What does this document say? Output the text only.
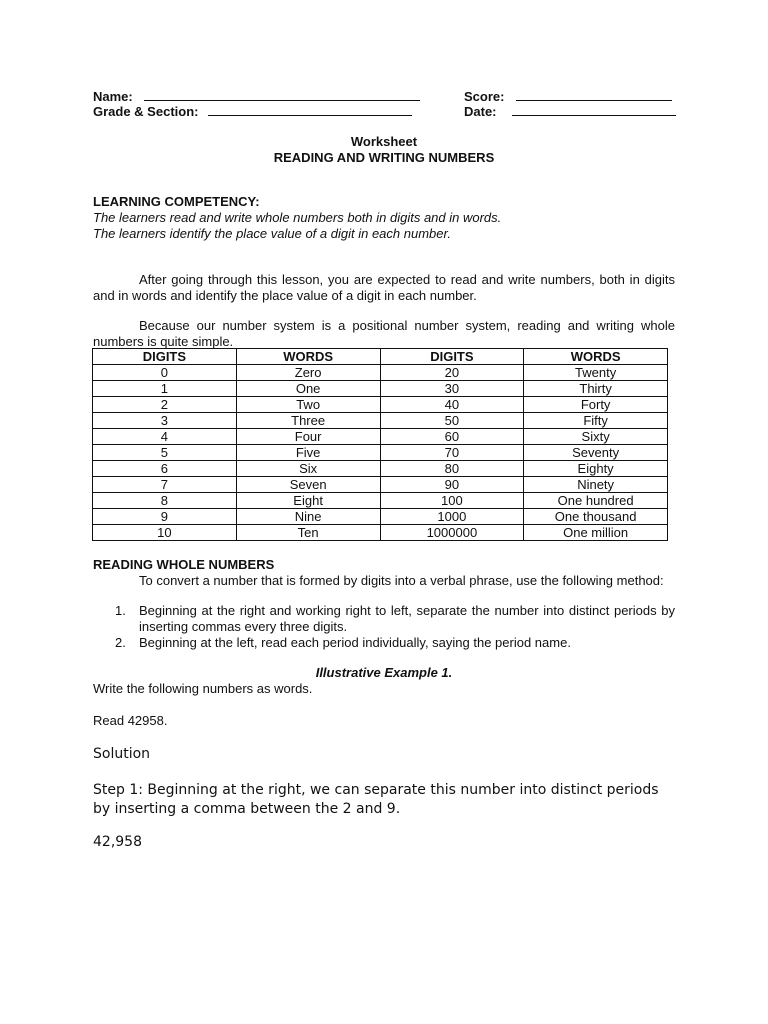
Name:
Grade & Section:
Score:
Date:
Worksheet
READING AND WRITING NUMBERS
LEARNING COMPETENCY:
The learners read and write whole numbers both in digits and in words.
The learners identify the place value of a digit in each number.
After going through this lesson, you are expected to read and write numbers, both in digits and in words and identify the place value of a digit in each number.
Because our number system is a positional number system, reading and writing whole numbers is quite simple.
DIGITS	WORDS	DIGITS	WORDS
0	Zero	20	Twenty
1	One	30	Thirty
2	Two	40	Forty
3	Three	50	Fifty
4	Four	60	Sixty
5	Five	70	Seventy
6	Six	80	Eighty
7	Seven	90	Ninety
8	Eight	100	One hundred
9	Nine	1000	One thousand
10	Ten	1000000	One million
READING WHOLE NUMBERS
To convert a number that is formed by digits into a verbal phrase, use the following method:
1. Beginning at the right and working right to left, separate the number into distinct periods by inserting commas every three digits.
2. Beginning at the left, read each period individually, saying the period name.
Illustrative Example 1.
Write the following numbers as words.
Read 42958.
Solution
Step 1: Beginning at the right, we can separate this number into distinct periods by inserting a comma between the 2 and 9.
42,958
